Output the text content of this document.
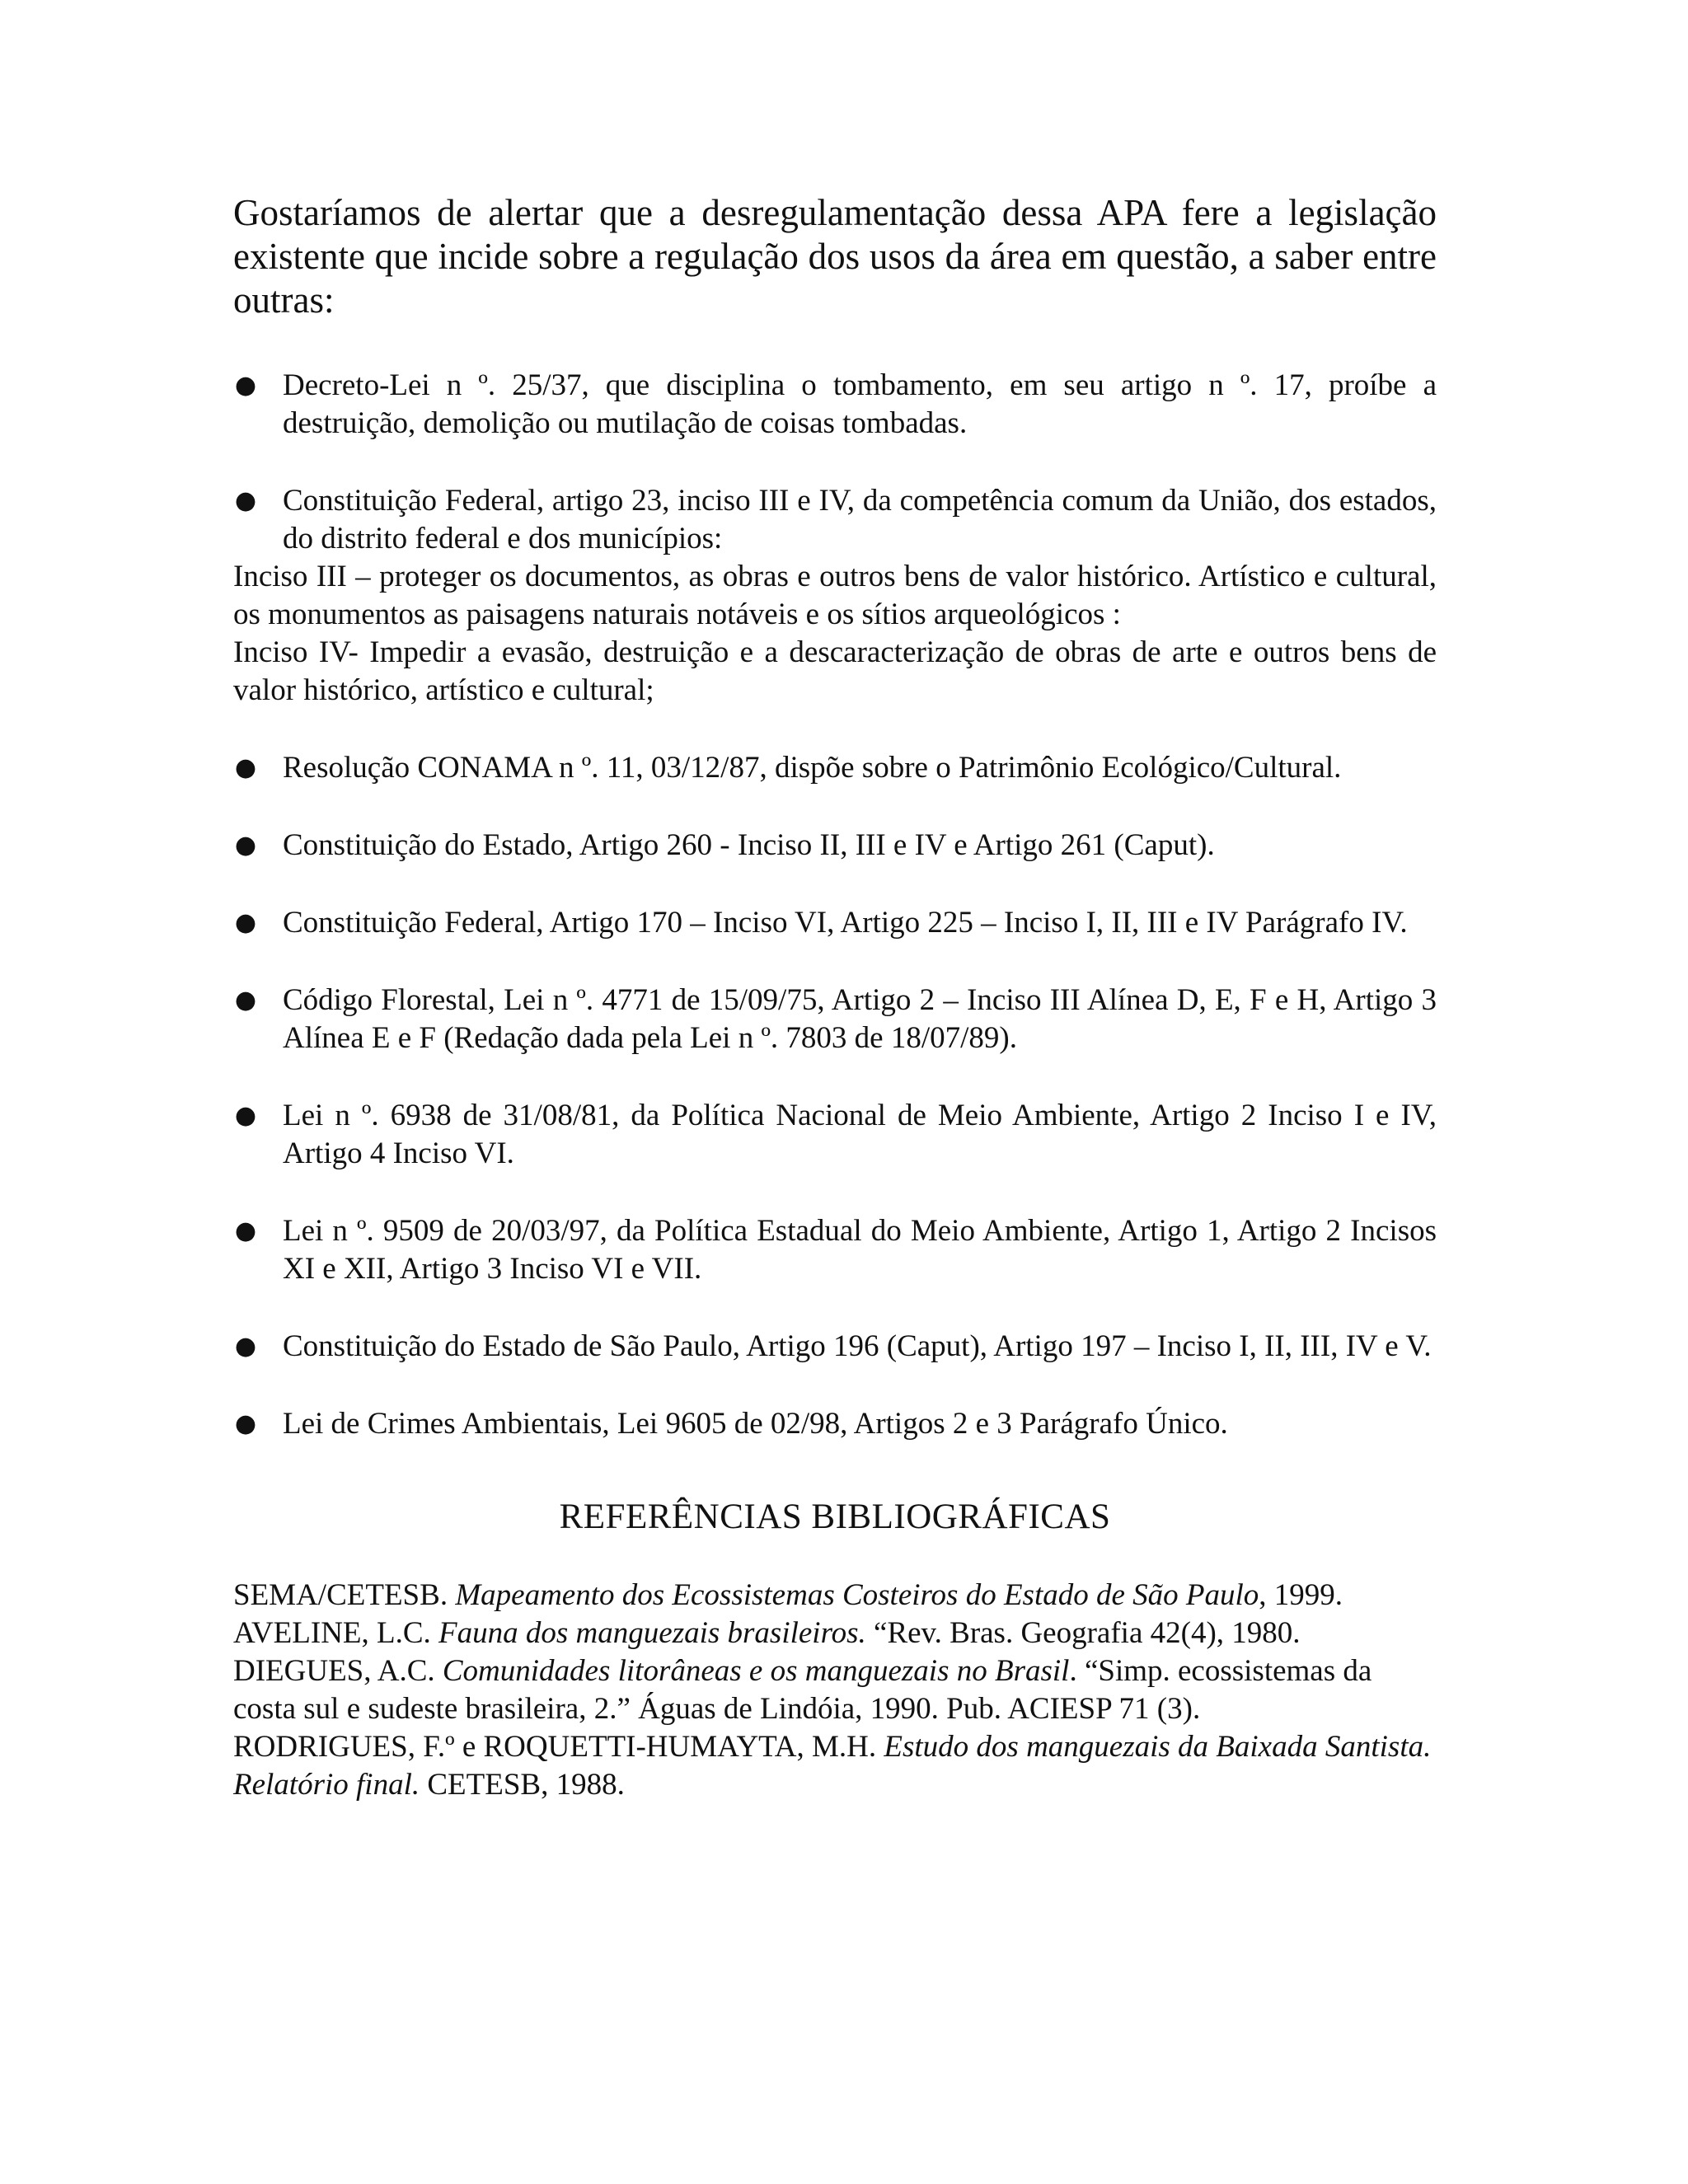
Gostaríamos de alertar que a desregulamentação dessa APA fere a legislação existente que incide sobre a regulação dos usos da área em questão, a saber entre outras:

● Decreto-Lei n º. 25/37, que disciplina o tombamento, em seu artigo n º. 17, proíbe a destruição, demolição ou mutilação de coisas tombadas.
● Constituição Federal, artigo 23, inciso III e IV, da competência comum da União, dos estados, do distrito federal e dos municípios:

Inciso III – proteger os documentos, as obras e outros bens de valor histórico. Artístico e cultural, os monumentos as paisagens naturais notáveis e os sítios arqueológicos :

Inciso IV- Impedir a evasão, destruição e a descaracterização de obras de arte e outros bens de valor histórico, artístico e cultural;

● Resolução CONAMA n º. 11, 03/12/87, dispõe sobre o Patrimônio Ecológico/Cultural.
● Constituição do Estado, Artigo 260 - Inciso II, III e IV e Artigo 261 (Caput).
● Constituição Federal, Artigo 170 – Inciso VI, Artigo 225 – Inciso I, II, III e IV Parágrafo IV.
● Código Florestal, Lei n º. 4771 de 15/09/75, Artigo 2 – Inciso III Alínea D, E, F e H, Artigo 3 Alínea E e F (Redação dada pela Lei n º. 7803 de 18/07/89).
● Lei n º. 6938 de 31/08/81, da Política Nacional de Meio Ambiente, Artigo 2 Inciso I e IV, Artigo 4 Inciso VI.
● Lei n º. 9509 de 20/03/97, da Política Estadual do Meio Ambiente, Artigo 1, Artigo 2 Incisos XI e XII, Artigo 3 Inciso VI e VII.
● Constituição do Estado de São Paulo, Artigo 196 (Caput), Artigo 197 – Inciso I, II, III, IV e V.
● Lei de Crimes Ambientais, Lei 9605 de 02/98, Artigos 2 e 3 Parágrafo Único.
REFERÊNCIAS BIBLIOGRÁFICAS

SEMA/CETESB. Mapeamento dos Ecossistemas Costeiros do Estado de São Paulo, 1999.

AVELINE, L.C. Fauna dos manguezais brasileiros. “Rev. Bras. Geografia 42(4), 1980.

DIEGUES, A.C. Comunidades litorâneas e os manguezais no Brasil. “Simp. ecossistemas da costa sul e sudeste brasileira, 2.” Águas de Lindóia, 1990. Pub. ACIESP 71 (3).

RODRIGUES, F.º e ROQUETTI-HUMAYTA, M.H. Estudo dos manguezais da Baixada Santista. Relatório final. CETESB, 1988.
